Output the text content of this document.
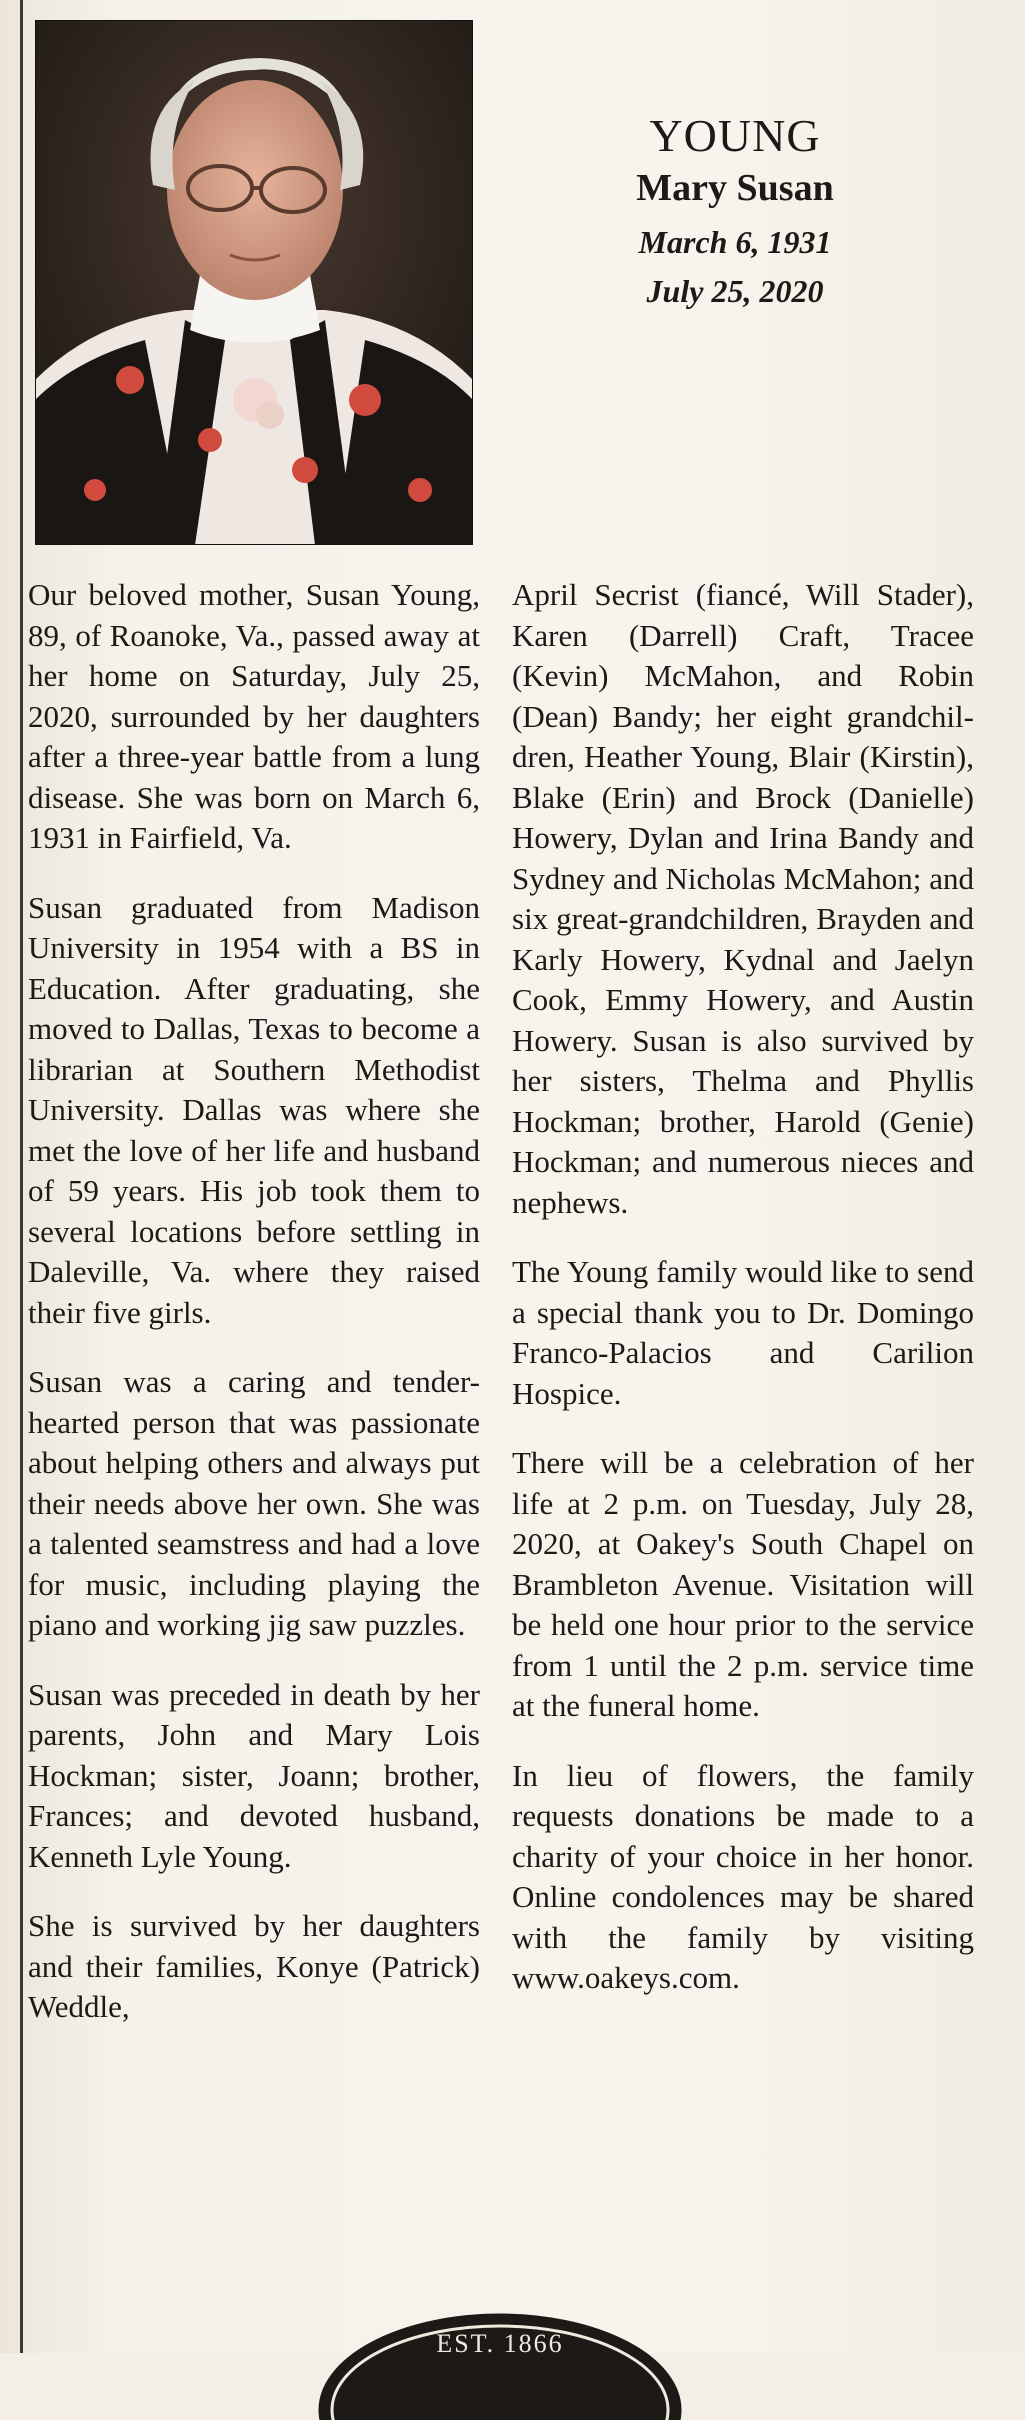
YOUNG
Mary Susan
March 6, 1931
July 25, 2020

Our beloved mother, Susan Young, 89, of Roanoke, Va., passed away at her home on Saturday, July 25, 2020, surrounded by her daughters after a three-year battle from a lung disease. She was born on March 6, 1931 in Fairfield, Va.

Susan graduated from Madison University in 1954 with a BS in Education. After graduating, she moved to Dallas, Texas to become a librarian at Southern Methodist University. Dallas was where she met the love of her life and husband of 59 years. His job took them to several locations before settling in Daleville, Va. where they raised their five girls.

Susan was a caring and tender-hearted person that was passionate about helping others and always put their needs above her own. She was a talented seamstress and had a love for music, including playing the piano and working jig saw puzzles.

Susan was preceded in death by her parents, John and Mary Lois Hockman; sister, Joann; brother, Frances; and devoted husband, Kenneth Lyle Young.

She is survived by her daughters and their families, Konye (Patrick) Weddle,

April Secrist (fiancé, Will Stader), Karen (Darrell) Craft, Tracee (Kevin) McMahon, and Robin (Dean) Bandy; her eight grandchildren, Heather Young, Blair (Kirstin), Blake (Erin) and Brock (Danielle) Howery, Dylan and Irina Bandy and Sydney and Nicholas McMahon; and six great-grandchildren, Brayden and Karly Howery, Kydnal and Jaelyn Cook, Emmy Howery, and Austin Howery. Susan is also survived by her sisters, Thelma and Phyllis Hockman; brother, Harold (Genie) Hockman; and numerous nieces and nephews.

The Young family would like to send a special thank you to Dr. Domingo Franco-Palacios and Carilion Hospice.

There will be a celebration of her life at 2 p.m. on Tuesday, July 28, 2020, at Oakey's South Chapel on Brambleton Avenue. Visitation will be held one hour prior to the service from 1 until the 2 p.m. service time at the funeral home.

In lieu of flowers, the family requests donations be made to a charity of your choice in her honor. Online condolences may be shared with the family by visiting www.oakeys.com.

EST. 1866
